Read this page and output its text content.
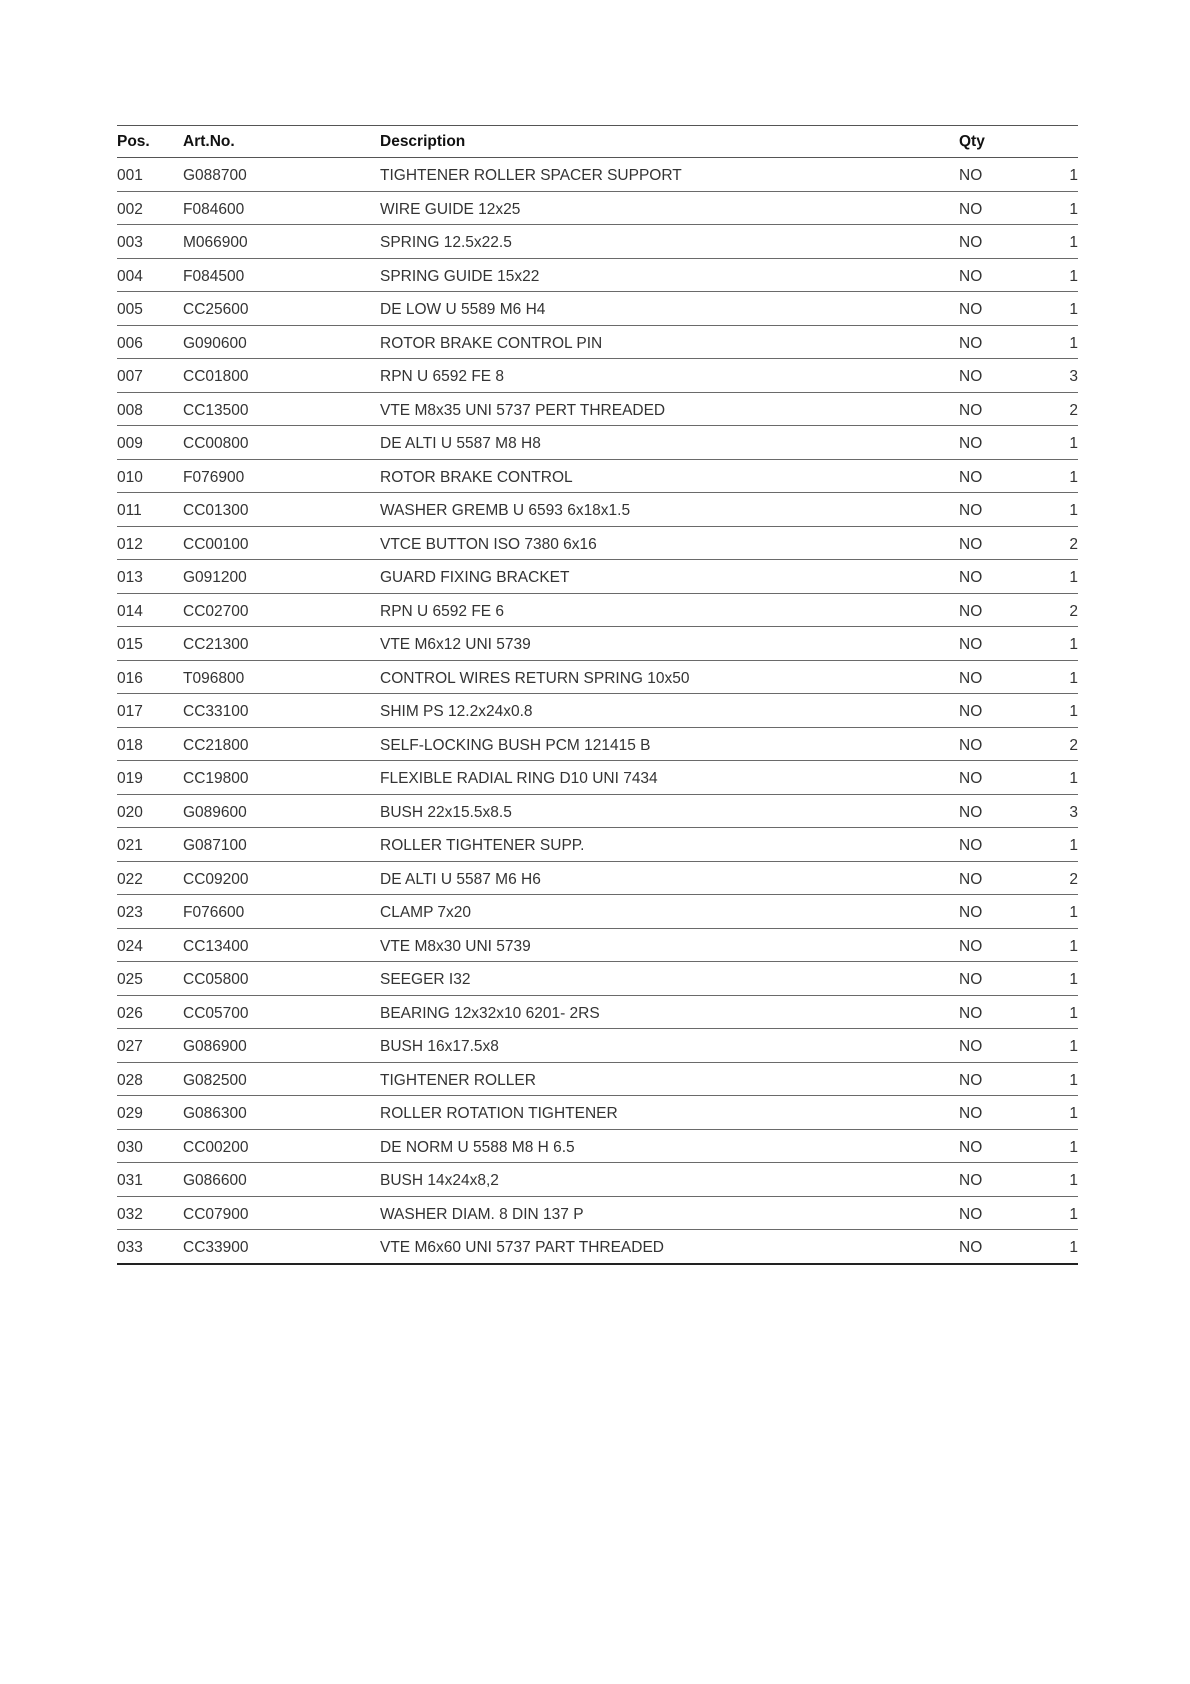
Pos.	Art.No.	Description	Qty	
001	G088700	TIGHTENER ROLLER SPACER SUPPORT	NO	1
002	F084600	WIRE GUIDE 12x25	NO	1
003	M066900	SPRING 12.5x22.5	NO	1
004	F084500	SPRING GUIDE 15x22	NO	1
005	CC25600	DE LOW U 5589 M6 H4	NO	1
006	G090600	ROTOR BRAKE CONTROL PIN	NO	1
007	CC01800	RPN U 6592 FE 8	NO	3
008	CC13500	VTE M8x35 UNI 5737 PERT THREADED	NO	2
009	CC00800	DE ALTI U 5587 M8 H8	NO	1
010	F076900	ROTOR BRAKE CONTROL	NO	1
011	CC01300	WASHER GREMB U 6593 6x18x1.5	NO	1
012	CC00100	VTCE BUTTON ISO 7380 6x16	NO	2
013	G091200	GUARD FIXING BRACKET	NO	1
014	CC02700	RPN U 6592 FE 6	NO	2
015	CC21300	VTE M6x12 UNI 5739	NO	1
016	T096800	CONTROL WIRES RETURN SPRING 10x50	NO	1
017	CC33100	SHIM PS 12.2x24x0.8	NO	1
018	CC21800	SELF-LOCKING BUSH PCM 121415 B	NO	2
019	CC19800	FLEXIBLE RADIAL RING D10 UNI 7434	NO	1
020	G089600	BUSH 22x15.5x8.5	NO	3
021	G087100	ROLLER TIGHTENER SUPP.	NO	1
022	CC09200	DE ALTI U 5587 M6 H6	NO	2
023	F076600	CLAMP 7x20	NO	1
024	CC13400	VTE M8x30 UNI 5739	NO	1
025	CC05800	SEEGER I32	NO	1
026	CC05700	BEARING 12x32x10 6201- 2RS	NO	1
027	G086900	BUSH 16x17.5x8	NO	1
028	G082500	TIGHTENER ROLLER	NO	1
029	G086300	ROLLER ROTATION TIGHTENER	NO	1
030	CC00200	DE NORM U 5588 M8 H 6.5	NO	1
031	G086600	BUSH 14x24x8,2	NO	1
032	CC07900	WASHER DIAM. 8 DIN 137 P	NO	1
033	CC33900	VTE M6x60 UNI 5737 PART THREADED	NO	1
